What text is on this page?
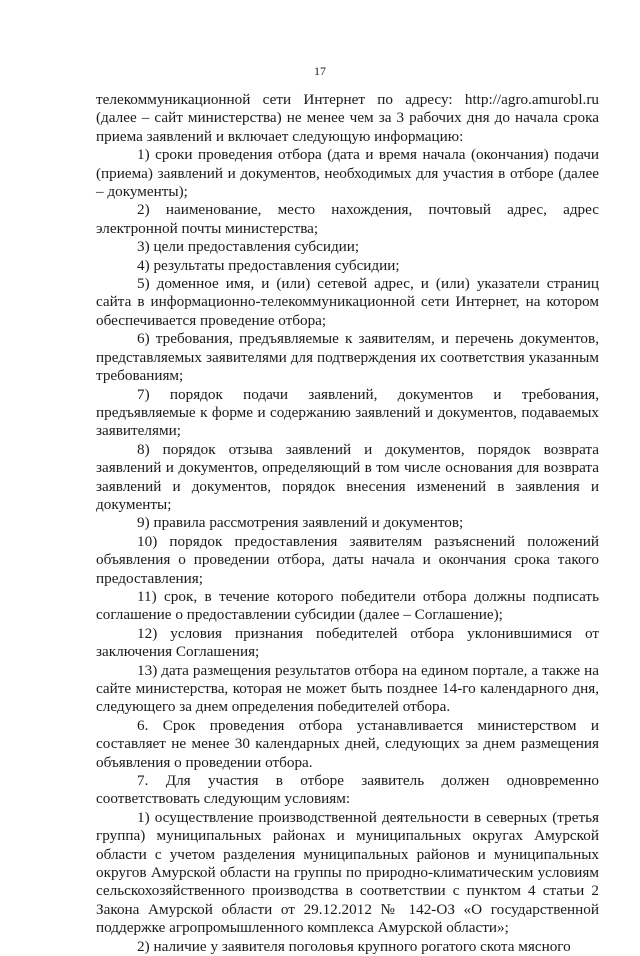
17

телекоммуникационной сети Интернет по адресу: http://agro.amurobl.ru (далее – сайт министерства) не менее чем за 3 рабочих дня до начала срока приема заявлений и включает следующую информацию:

1) сроки проведения отбора (дата и время начала (окончания) подачи (приема) заявлений и документов, необходимых для участия в отборе (далее – документы);

2) наименование, место нахождения, почтовый адрес, адрес электронной почты министерства;

3) цели предоставления субсидии;

4) результаты предоставления субсидии;

5) доменное имя, и (или) сетевой адрес, и (или) указатели страниц сайта в информационно-телекоммуникационной сети Интернет, на котором обеспечивается проведение отбора;

6) требования, предъявляемые к заявителям, и перечень документов, представляемых заявителями для подтверждения их соответствия указанным требованиям;

7) порядок подачи заявлений, документов и требования, предъявляемые к форме и содержанию заявлений и документов, подаваемых заявителями;

8) порядок отзыва заявлений и документов, порядок возврата заявлений и документов, определяющий в том числе основания для возврата заявлений и документов, порядок внесения изменений в заявления и документы;

9) правила рассмотрения заявлений и документов;

10) порядок предоставления заявителям разъяснений положений объявления о проведении отбора, даты начала и окончания срока такого предоставления;

11) срок, в течение которого победители отбора должны подписать соглашение о предоставлении субсидии (далее – Соглашение);

12) условия признания победителей отбора уклонившимися от заключения Соглашения;

13) дата размещения результатов отбора на едином портале, а также на сайте министерства, которая не может быть позднее 14-го календарного дня, следующего за днем определения победителей отбора.

6. Срок проведения отбора устанавливается министерством и составляет не менее 30 календарных дней, следующих за днем размещения объявления о проведении отбора.

7. Для участия в отборе заявитель должен одновременно соответствовать следующим условиям:

1) осуществление производственной деятельности в северных (третья группа) муниципальных районах и муниципальных округах Амурской области с учетом разделения муниципальных районов и муниципальных округов Амурской области на группы по природно-климатическим условиям сельскохозяйственного производства в соответствии с пунктом 4 статьи 2 Закона Амурской области от 29.12.2012 № 142-ОЗ «О государственной поддержке агропромышленного комплекса Амурской области»;

2) наличие у заявителя поголовья крупного рогатого скота мясного
